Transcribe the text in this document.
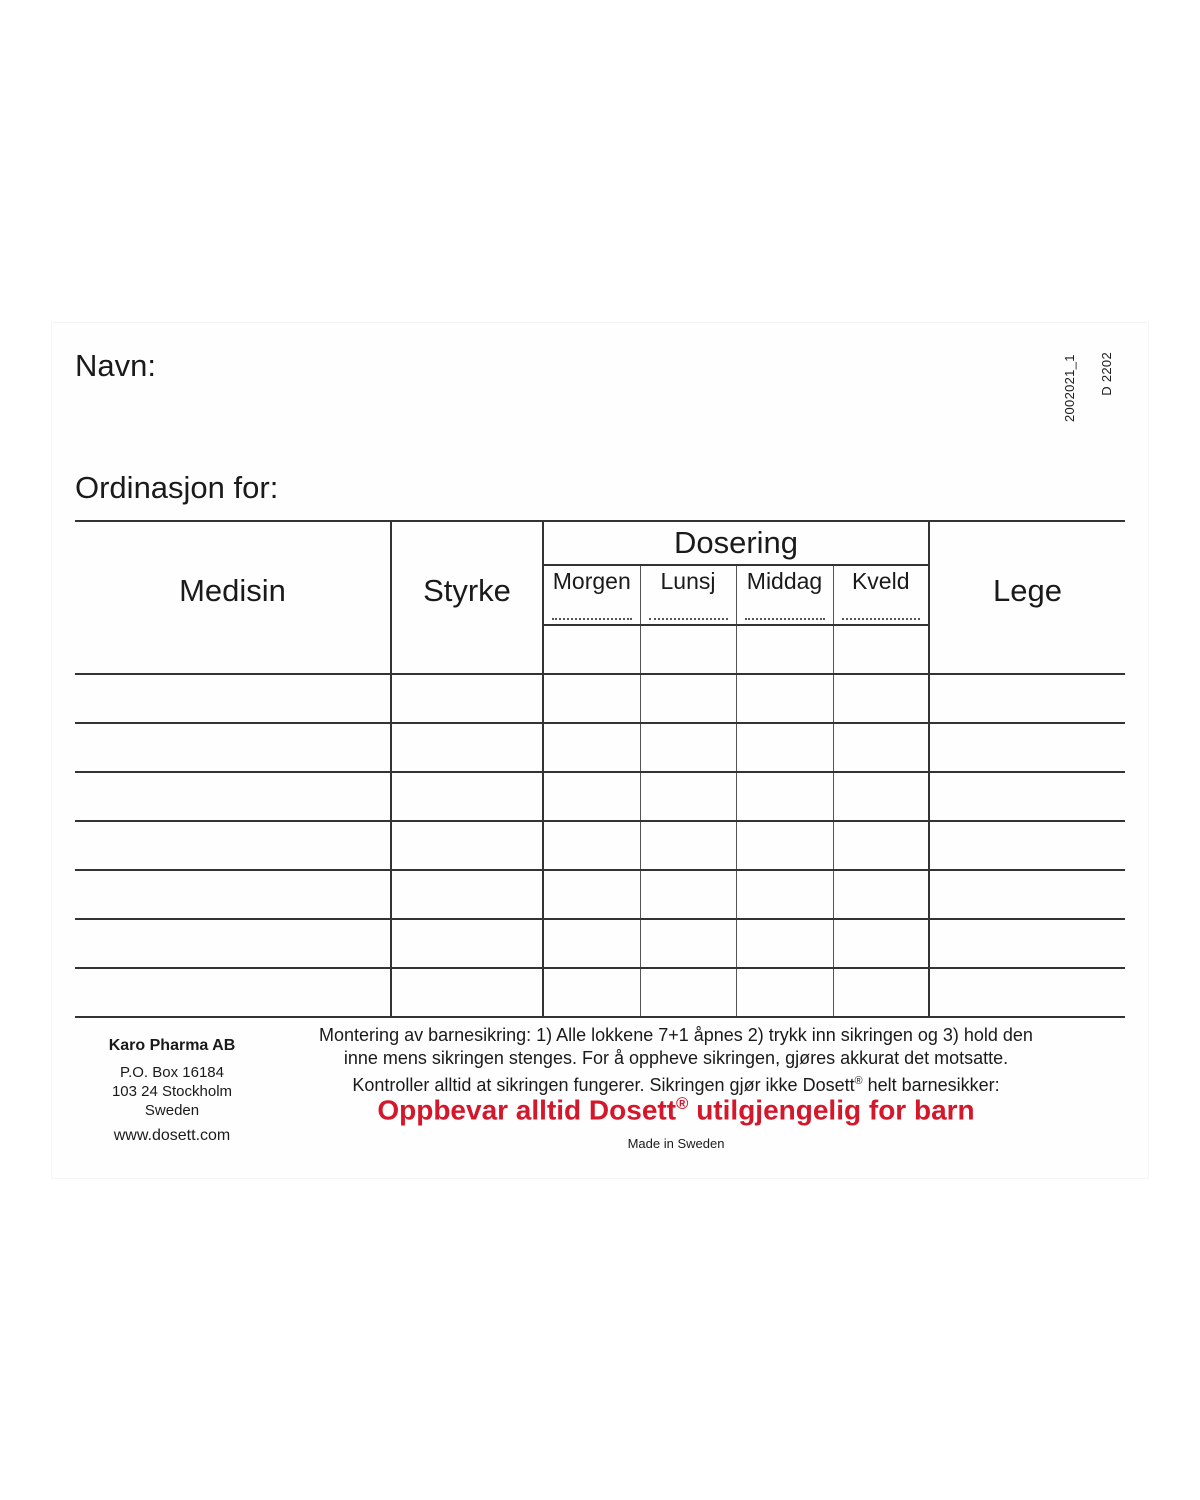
Navn:
Ordinasjon for:
2002021_1 D 2202
Medisin	Styrke	Dosering				Lege
		Morgen	Lunsj	Middag	Kveld	

Karo Pharma AB
P.O. Box 16184
103 24 Stockholm
Sweden
www.dosett.com
Montering av barnesikring: 1) Alle lokkene 7+1 åpnes 2) trykk inn sikringen og 3) hold den
inne mens sikringen stenges. For å oppheve sikringen, gjøres akkurat det motsatte.
Kontroller alltid at sikringen fungerer. Sikringen gjør ikke Dosett® helt barnesikker:
Oppbevar alltid Dosett® utilgjengelig for barn
Made in Sweden
